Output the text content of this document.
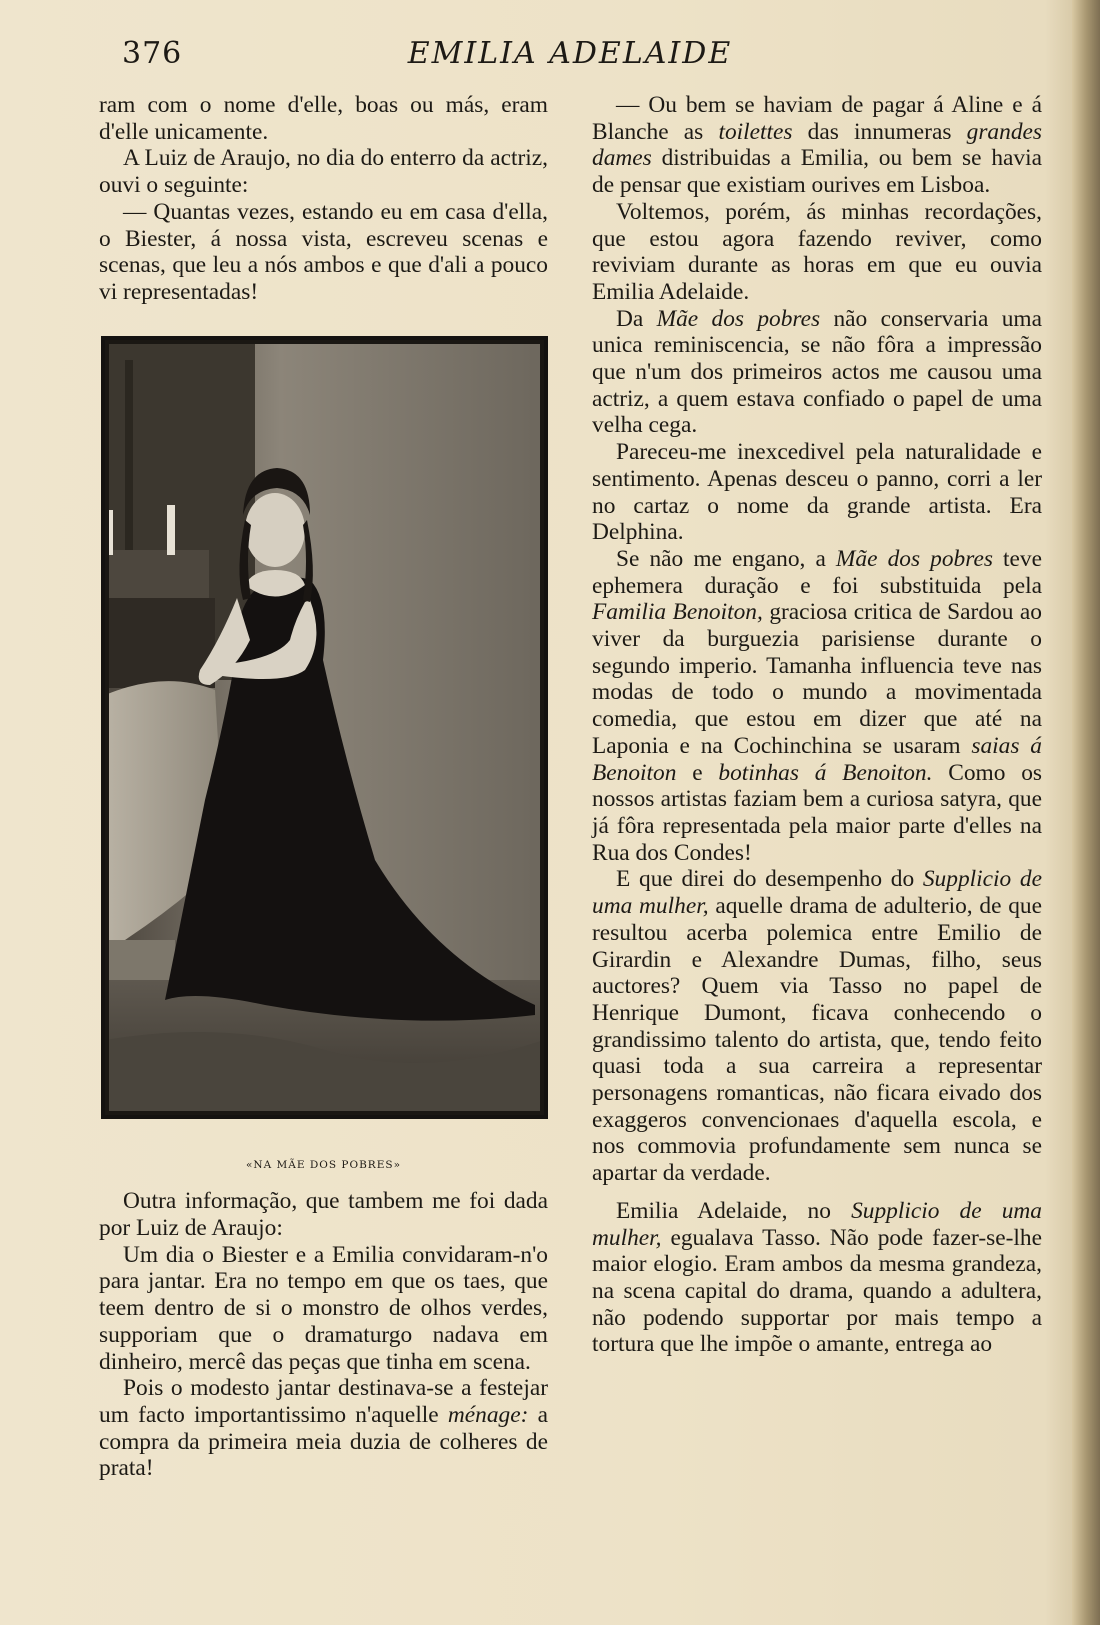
376	EMILIA ADELAIDE

ram com o nome d'elle, boas ou más, eram d'elle unicamente.

A Luiz de Araujo, no dia do enterro da actriz, ouvi o seguinte:

— Quantas vezes, estando eu em casa d'ella, o Biester, á nossa vista, escreveu scenas e scenas, que leu a nós ambos e que d'ali a pouco vi representadas!

«NA MÃE DOS POBRES»

Outra informação, que tambem me foi dada por Luiz de Araujo:

Um dia o Biester e a Emilia convidaram-n'o para jantar. Era no tempo em que os taes, que teem dentro de si o monstro de olhos verdes, supporiam que o dramaturgo nadava em dinheiro, mercê das peças que tinha em scena.

Pois o modesto jantar destinava-se a festejar um facto importantissimo n'aquelle ménage: a compra da primeira meia duzia de colheres de prata!

— Ou bem se haviam de pagar á Aline e á Blanche as toilettes das innumeras grandes dames distribuidas a Emilia, ou bem se havia de pensar que existiam ourives em Lisboa.

Voltemos, porém, ás minhas recordações, que estou agora fazendo reviver, como reviviam durante as horas em que eu ouvia Emilia Adelaide.

Da Mãe dos pobres não conservaria uma unica reminiscencia, se não fôra a impressão que n'um dos primeiros actos me causou uma actriz, a quem estava confiado o papel de uma velha cega.

Pareceu-me inexcedivel pela naturalidade e sentimento. Apenas desceu o panno, corri a ler no cartaz o nome da grande artista. Era Delphina.

Se não me engano, a Mãe dos pobres teve ephemera duração e foi substituida pela Familia Benoiton, graciosa critica de Sardou ao viver da burguezia parisiense durante o segundo imperio. Tamanha influencia teve nas modas de todo o mundo a movimentada comedia, que estou em dizer que até na Laponia e na Cochinchina se usaram saias á Benoiton e botinhas á Benoiton. Como os nossos artistas faziam bem a curiosa satyra, que já fôra representada pela maior parte d'elles na Rua dos Condes!

E que direi do desempenho do Supplicio de uma mulher, aquelle drama de adulterio, de que resultou acerba polemica entre Emilio de Girardin e Alexandre Dumas, filho, seus auctores? Quem via Tasso no papel de Henrique Dumont, ficava conhecendo o grandissimo talento do artista, que, tendo feito quasi toda a sua carreira a representar personagens romanticas, não ficara eivado dos exaggeros convencionaes d'aquella escola, e nos commovia profundamente sem nunca se apartar da verdade.

Emilia Adelaide, no Supplicio de uma mulher, egualava Tasso. Não pode fazer-se-lhe maior elogio. Eram ambos da mesma grandeza, na scena capital do drama, quando a adultera, não podendo supportar por mais tempo a tortura que lhe impõe o amante, entrega ao
